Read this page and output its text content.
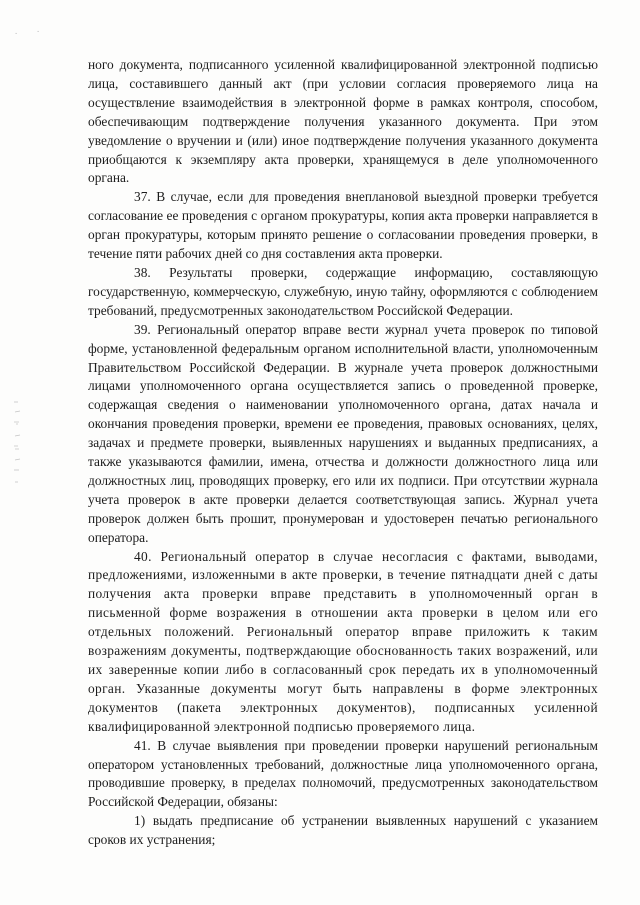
·	·

ного документа, подписанного усиленной квалифицированной электронной подписью лица, составившего данный акт (при условии согласия проверяемого лица на осуществление взаимодействия в электронной форме в рамках контроля, способом, обеспечивающим подтверждение получения указанного документа. При этом уведомление о вручении и (или) иное подтверждение получения указанного документа приобщаются к экземпляру акта проверки, хранящемуся в деле уполномоченного органа.

37. В случае, если для проведения внеплановой выездной проверки требуется согласование ее проведения с органом прокуратуры, копия акта проверки направляется в орган прокуратуры, которым принято решение о согласовании проведения проверки, в течение пяти рабочих дней со дня составления акта проверки.

38. Результаты проверки, содержащие информацию, составляющую государственную, коммерческую, служебную, иную тайну, оформляются с соблюдением требований, предусмотренных законодательством Российской Федерации.

39. Региональный оператор вправе вести журнал учета проверок по типовой форме, установленной федеральным органом исполнительной власти, уполномоченным Правительством Российской Федерации. В журнале учета проверок должностными лицами уполномоченного органа осуществляется запись о проведенной проверке, содержащая сведения о наименовании уполномоченного органа, датах начала и окончания проведения проверки, времени ее проведения, правовых основаниях, целях, задачах и предмете проверки, выявленных нарушениях и выданных предписаниях, а также указываются фамилии, имена, отчества и должности должностного лица или должностных лиц, проводящих проверку, его или их подписи. При отсутствии журнала учета проверок в акте проверки делается соответствующая запись. Журнал учета проверок должен быть прошит, пронумерован и удостоверен печатью регионального оператора.

40. Региональный оператор в случае несогласия с фактами, выводами, предложениями, изложенными в акте проверки, в течение пятнадцати дней с даты получения акта проверки вправе представить в уполномоченный орган в письменной форме возражения в отношении акта проверки в целом или его отдельных положений. Региональный оператор вправе приложить к таким возражениям документы, подтверждающие обоснованность таких возражений, или их заверенные копии либо в согласованный срок передать их в уполномоченный орган. Указанные документы могут быть направлены в форме электронных документов (пакета электронных документов), подписанных усиленной квалифицированной электронной подписью проверяемого лица.

41. В случае выявления при проведении проверки нарушений региональным оператором установленных требований, должностные лица уполномоченного органа, проводившие проверку, в пределах полномочий, предусмотренных законодательством Российской Федерации, обязаны:

1) выдать предписание об устранении выявленных нарушений с указанием сроков их устранения;
